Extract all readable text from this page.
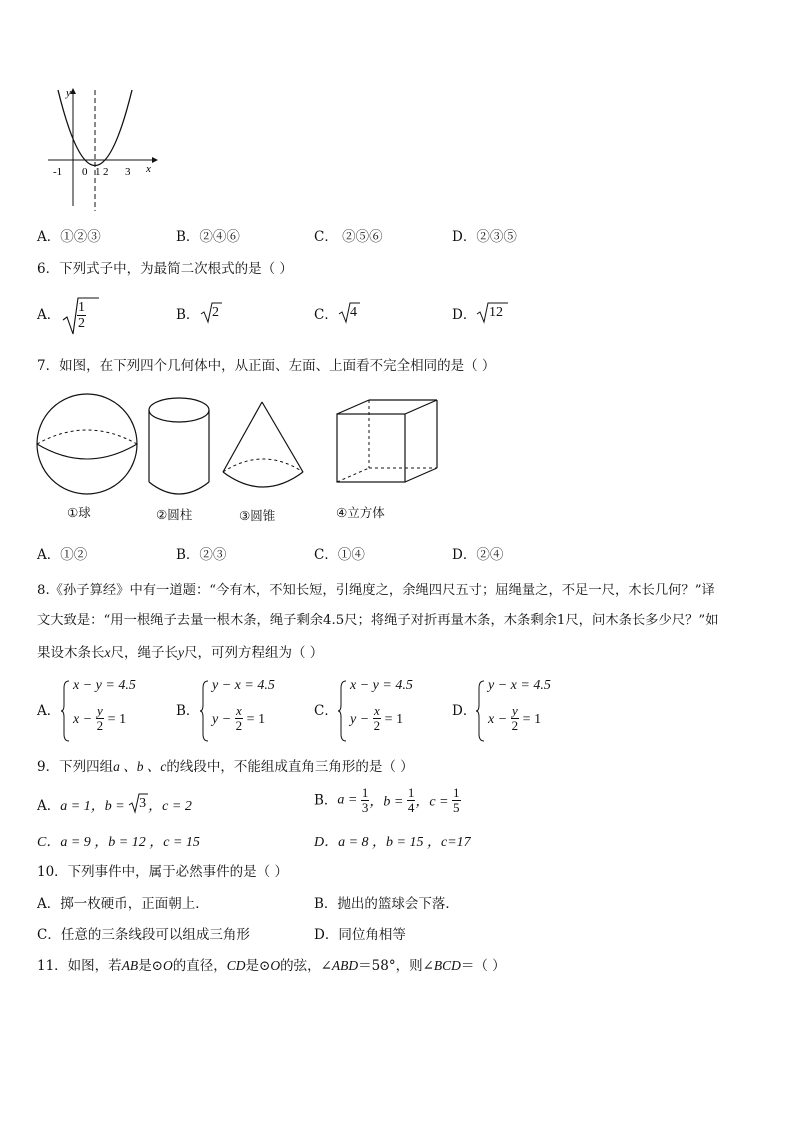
y
x
-1 0 1 2 3
A．①②③	B．②④⑥	C． ②⑤⑥	D．②③⑤
6．下列式子中，为最简二次根式的是（ ）
A． $\frac{1}{2}$	B． 2	C． 4	D． 12
7．如图，在下列四个几何体中，从正面、左面、上面看不完全相同的是（ ）
①球	②圆柱	③圆锥	④立方体
A．①②	B．②③	C．①④	D．②④
8.《孙子算经》中有一道题：“今有木，不知长短，引绳度之，余绳四尺五寸；屈绳量之，不足一尺，木长几何？”译
文大致是：“用一根绳子去量一根木条，绳子剩余4.5尺；将绳子对折再量木条，木条剩余1尺，问木条长多少尺？”如
果设木条长x尺，绳子长y尺，可列方程组为（ ）
A．
x − y = 4.5
$x - \frac{y}{2} = 1$
B．
y − x = 4.5
$y - \frac{x}{2} = 1$
C．
x − y = 4.5
$y - \frac{x}{2} = 1$
D．
y − x = 4.5
$x - \frac{y}{2} = 1$
9．下列四组a 、b 、c的线段中，不能组成直角三角形的是（ ）
A．a = 1，b = 3 ，c = 2	B．$a = \frac{1}{3}$ ，$b = \frac{1}{4}$ ，$c = \frac{1}{5}$
C．a = 9 ，b = 12 ，c = 15	D．a = 8 ，b = 15 ，c=17
10．下列事件中，属于必然事件的是（ ）
A．掷一枚硬币，正面朝上．	B．抛出的篮球会下落．
C．任意的三条线段可以组成三角形	D．同位角相等
11．如图，若AB是⊙O的直径，CD是⊙O的弦，∠ABD＝58°，则∠BCD＝（ ）
